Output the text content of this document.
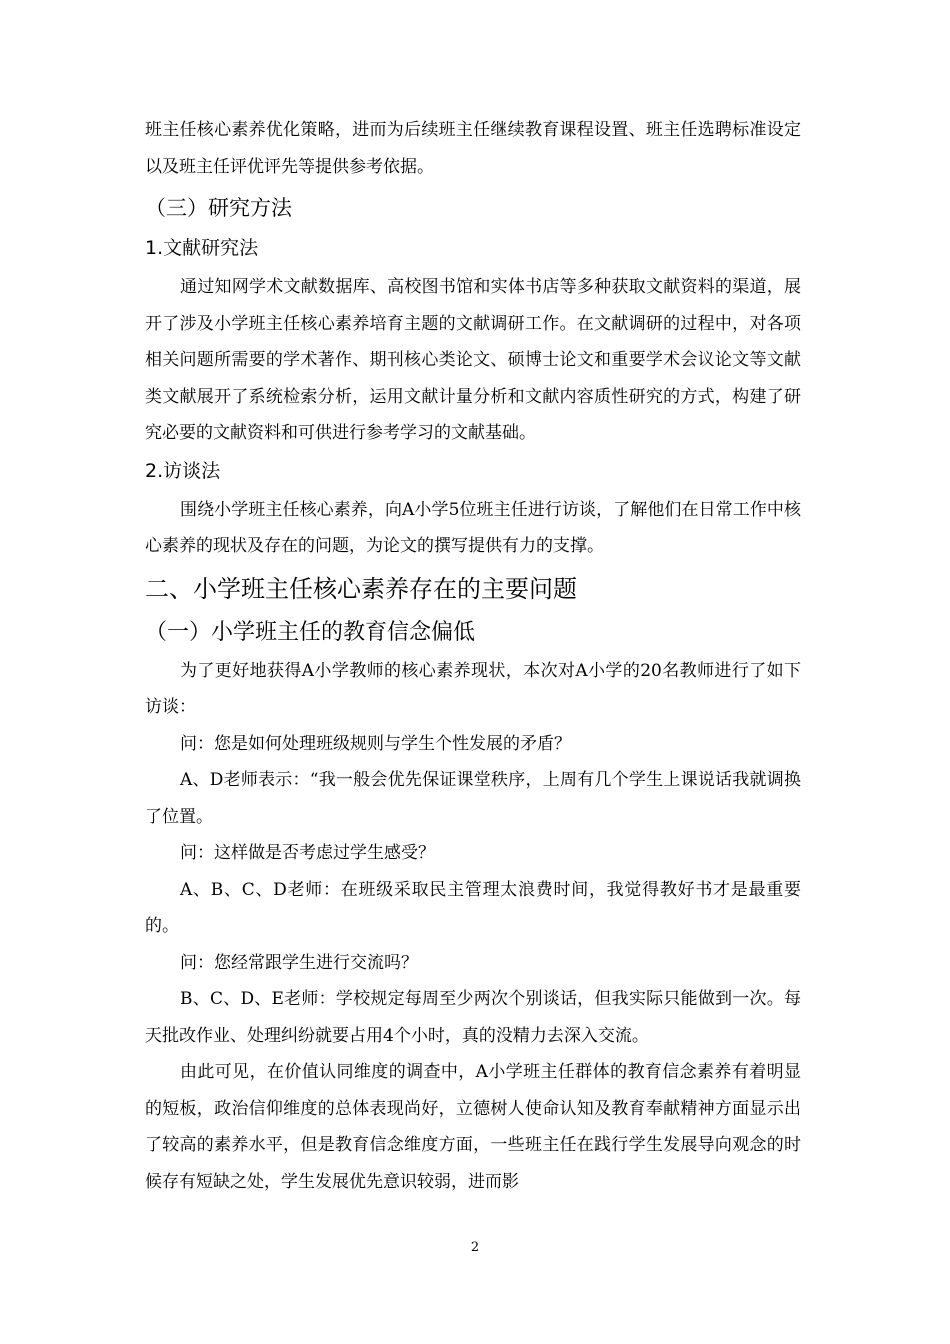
班主任核心素养优化策略，进而为后续班主任继续教育课程设置、班主任选聘标准设定以及班主任评优评先等提供参考依据。

（三）研究方法
1.文献研究法

通过知网学术文献数据库、高校图书馆和实体书店等多种获取文献资料的渠道，展开了涉及小学班主任核心素养培育主题的文献调研工作。在文献调研的过程中，对各项相关问题所需要的学术著作、期刊核心类论文、硕博士论文和重要学术会议论文等文献类文献展开了系统检索分析，运用文献计量分析和文献内容质性研究的方式，构建了研究必要的文献资料和可供进行参考学习的文献基础。

2.访谈法

围绕小学班主任核心素养，向A小学5位班主任进行访谈，了解他们在日常工作中核心素养的现状及存在的问题，为论文的撰写提供有力的支撑。

二、小学班主任核心素养存在的主要问题
（一）小学班主任的教育信念偏低

为了更好地获得A小学教师的核心素养现状，本次对A小学的20名教师进行了如下访谈：

问：您是如何处理班级规则与学生个性发展的矛盾？

A、D老师表示：“我一般会优先保证课堂秩序，上周有几个学生上课说话我就调换了位置。

问：这样做是否考虑过学生感受？

A、B、C、D老师：在班级采取民主管理太浪费时间，我觉得教好书才是最重要的。

问：您经常跟学生进行交流吗？

B、C、D、E老师：学校规定每周至少两次个别谈话，但我实际只能做到一次。每天批改作业、处理纠纷就要占用4个小时，真的没精力去深入交流。

由此可见，在价值认同维度的调查中，A小学班主任群体的教育信念素养有着明显的短板，政治信仰维度的总体表现尚好，立德树人使命认知及教育奉献精神方面显示出了较高的素养水平，但是教育信念维度方面，一些班主任在践行学生发展导向观念的时候存有短缺之处，学生发展优先意识较弱，进而影

2
